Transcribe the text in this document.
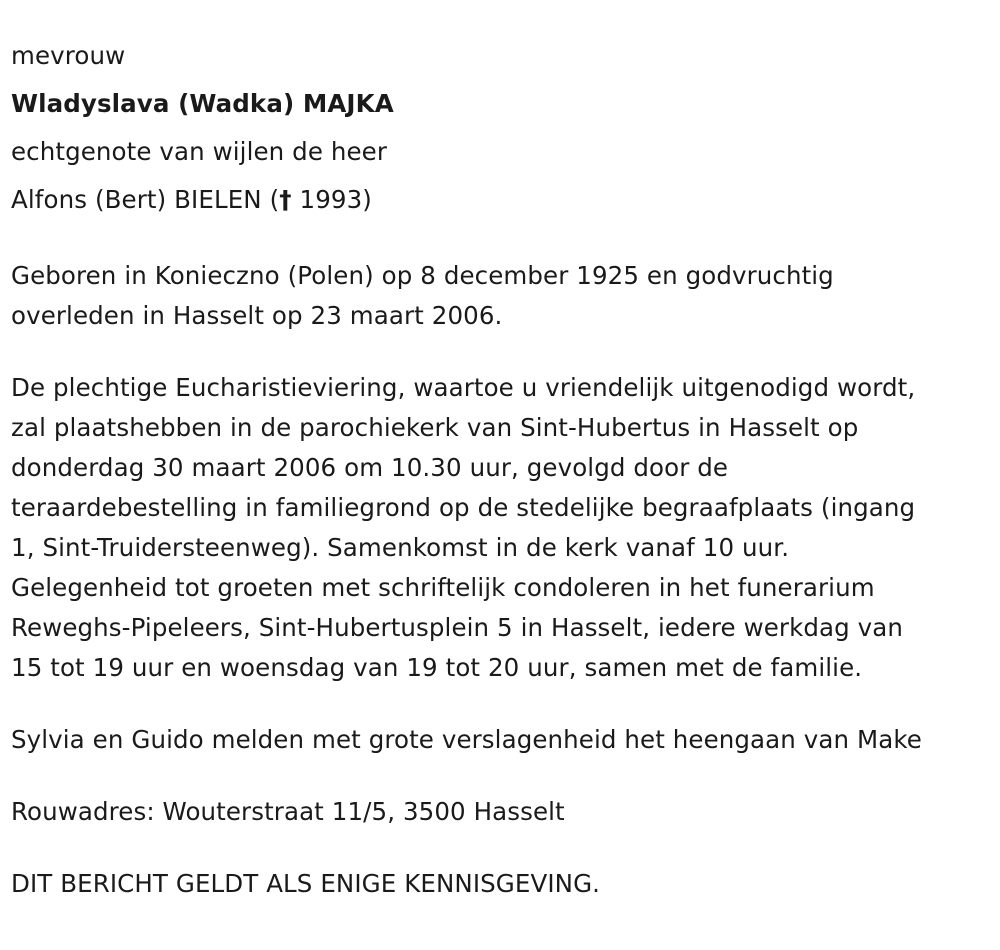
mevrouw
Wladyslava (Wadka) MAJKA
echtgenote van wijlen de heer
Alfons (Bert) BIELEN († 1993)
Geboren in Konieczno (Polen) op 8 december 1925 en godvruchtig
overleden in Hasselt op 23 maart 2006.
De plechtige Eucharistieviering, waartoe u vriendelijk uitgenodigd wordt,
zal plaatshebben in de parochiekerk van Sint-Hubertus in Hasselt op
donderdag 30 maart 2006 om 10.30 uur, gevolgd door de
teraardebestelling in familiegrond op de stedelijke begraafplaats (ingang
1, Sint-Truidersteenweg). Samenkomst in de kerk vanaf 10 uur.
Gelegenheid tot groeten met schriftelijk condoleren in het funerarium
Reweghs-Pipeleers, Sint-Hubertusplein 5 in Hasselt, iedere werkdag van
15 tot 19 uur en woensdag van 19 tot 20 uur, samen met de familie.
Sylvia en Guido melden met grote verslagenheid het heengaan van Make
Rouwadres: Wouterstraat 11/5, 3500 Hasselt
DIT BERICHT GELDT ALS ENIGE KENNISGEVING.
